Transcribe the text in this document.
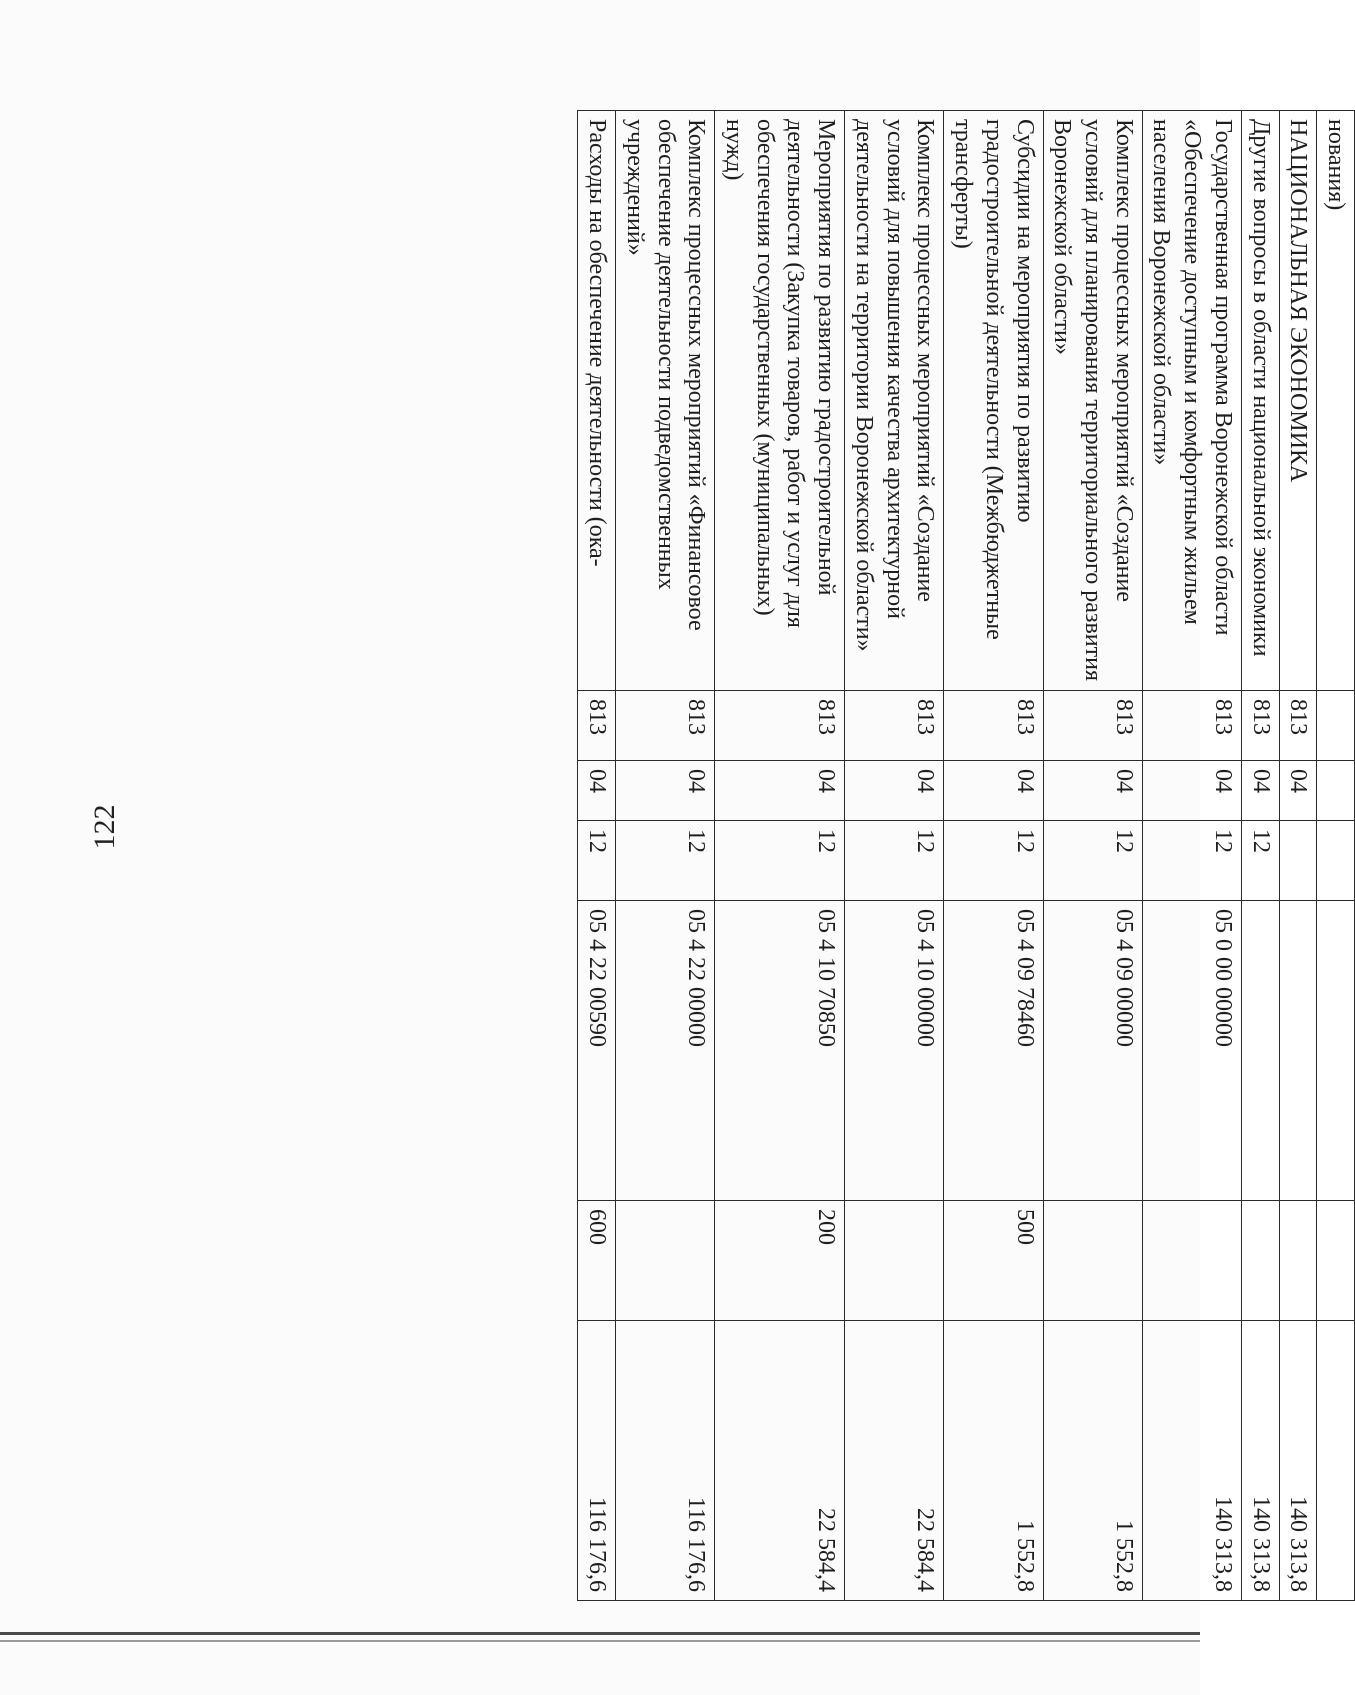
122
нования)						
НАЦИОНАЛЬНАЯ ЭКОНОМИКА	813	04				140 313,8
Другие вопросы в области национальной экономики	813	04	12			140 313,8
Государственная программа Воронежской области «Обеспечение доступным и комфортным жильем населения Воронежской области»	813	04	12	05 0 00 00000		140 313,8
Комплекс процессных мероприятий «Создание условий для планирования территориального развития Воронежской области»	813	04	12	05 4 09 00000		1 552,8
Субсидии на мероприятия по развитию градостроительной деятельности (Межбюджетные трансферты)	813	04	12	05 4 09 78460	500	1 552,8
Комплекс процессных мероприятий «Создание условий для повышения качества архитектурной деятельности на территории Воронежской области»	813	04	12	05 4 10 00000		22 584,4
Мероприятия по развитию градостроительной деятельности (Закупка товаров, работ и услуг для обеспечения государственных (муниципальных) нужд)	813	04	12	05 4 10 70850	200	22 584,4
Комплекс процессных мероприятий «Финансовое обеспечение деятельности подведомственных учреждений»	813	04	12	05 4 22 00000		116 176,6
Расходы на обеспечение деятельности (ока-	813	04	12	05 4 22 00590	600	116 176,6
